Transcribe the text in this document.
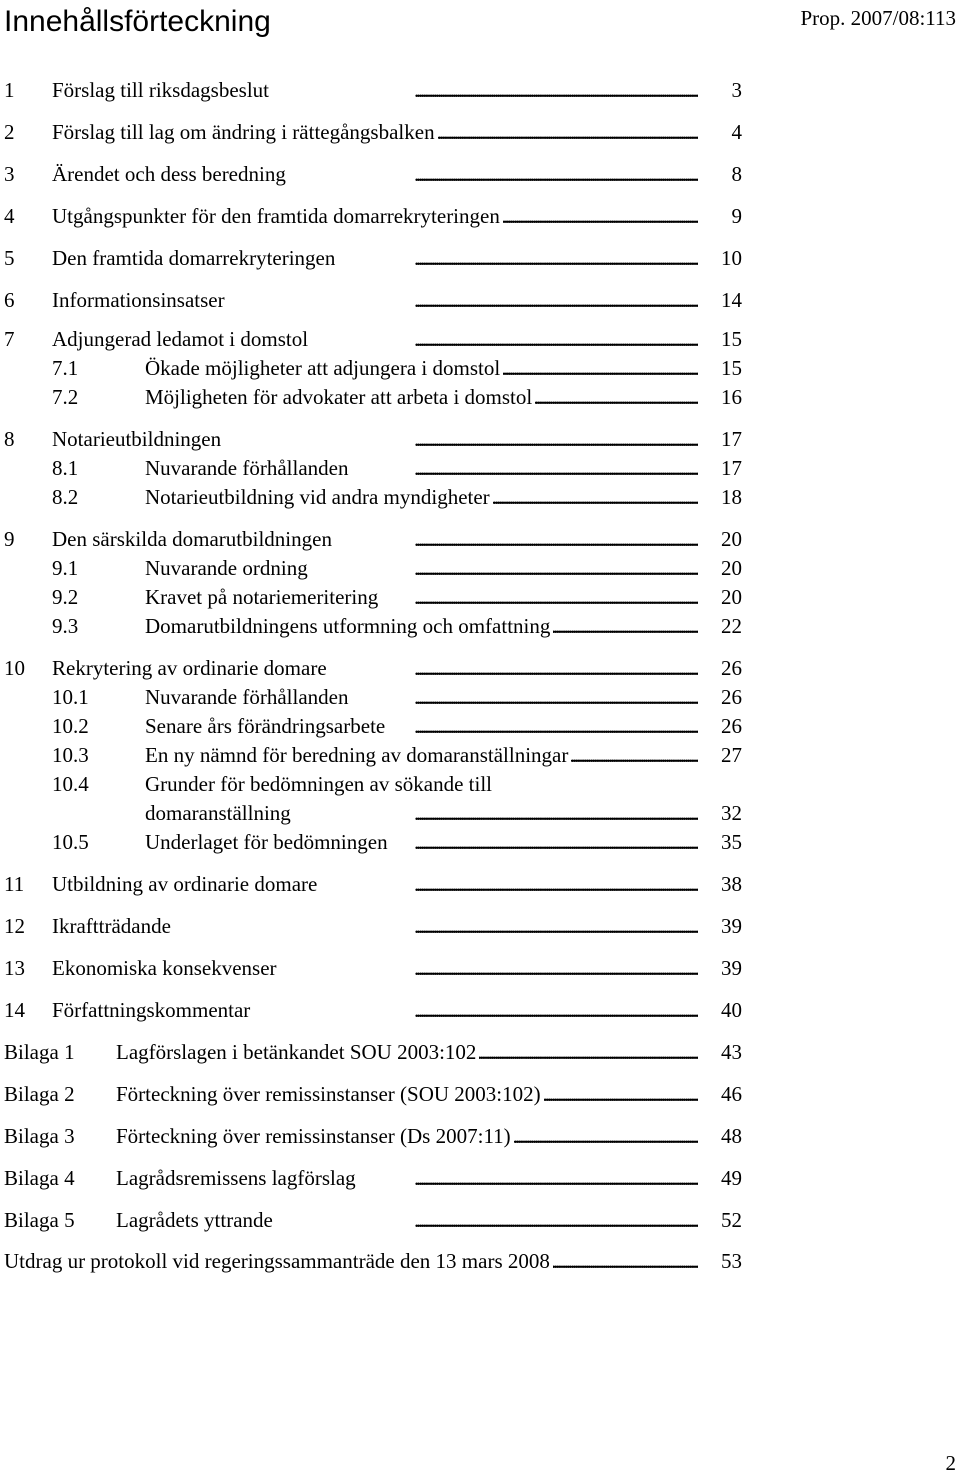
Innehållsförteckning	Prop. 2007/08:113
. . .
1 Förslag till riksdagsbeslut	3
. . .
2 Förslag till lag om ändring i rättegångsbalken	4
. . .
3 Ärendet och dess beredning	8
. . .
4 Utgångspunkter för den framtida domarrekryteringen	9
. . .
5 Den framtida domarrekryteringen	10
. . .
6 Informationsinsatser	14
. . .
7 Adjungerad ledamot i domstol	15
. . .
7.1	Ökade möjligheter att adjungera i domstol	15
. . .
7.2	Möjligheten för advokater att arbeta i domstol	16
. . .
8 Notarieutbildningen	17
. . .
8.1	Nuvarande förhållanden	17
. . .
8.2	Notarieutbildning vid andra myndigheter	18
. . .
9 Den särskilda domarutbildningen	20
. . .
9.1	Nuvarande ordning	20
. . .
9.2	Kravet på notariemeritering	20
. . .
9.3	Domarutbildningens utformning och omfattning	22
. . .
10 Rekrytering av ordinarie domare	26
. . .
10.1	Nuvarande förhållanden	26
. . .
10.2	Senare års förändringsarbete	26
. . .
10.3	En ny nämnd för beredning av domaranställningar	27
10.4	Grunder för bedömningen av sökande till
. . .
domaranställning	32
. . .
10.5	Underlaget för bedömningen	35
. . .
11 Utbildning av ordinarie domare	38
. . .
12 Ikraftträdande	39
. . .
13 Ekonomiska konsekvenser	39
. . .
14 Författningskommentar	40
. . .
Bilaga 1 Lagförslagen i betänkandet SOU 2003:102	43
. . .
Bilaga 2 Förteckning över remissinstanser (SOU 2003:102)	46
. . .
Bilaga 3 Förteckning över remissinstanser (Ds 2007:11)	48
. . .
Bilaga 4 Lagrådsremissens lagförslag	49
. . .
Bilaga 5 Lagrådets yttrande	52
. . .
Utdrag ur protokoll vid regeringssammanträde den 13 mars 2008	53
2
